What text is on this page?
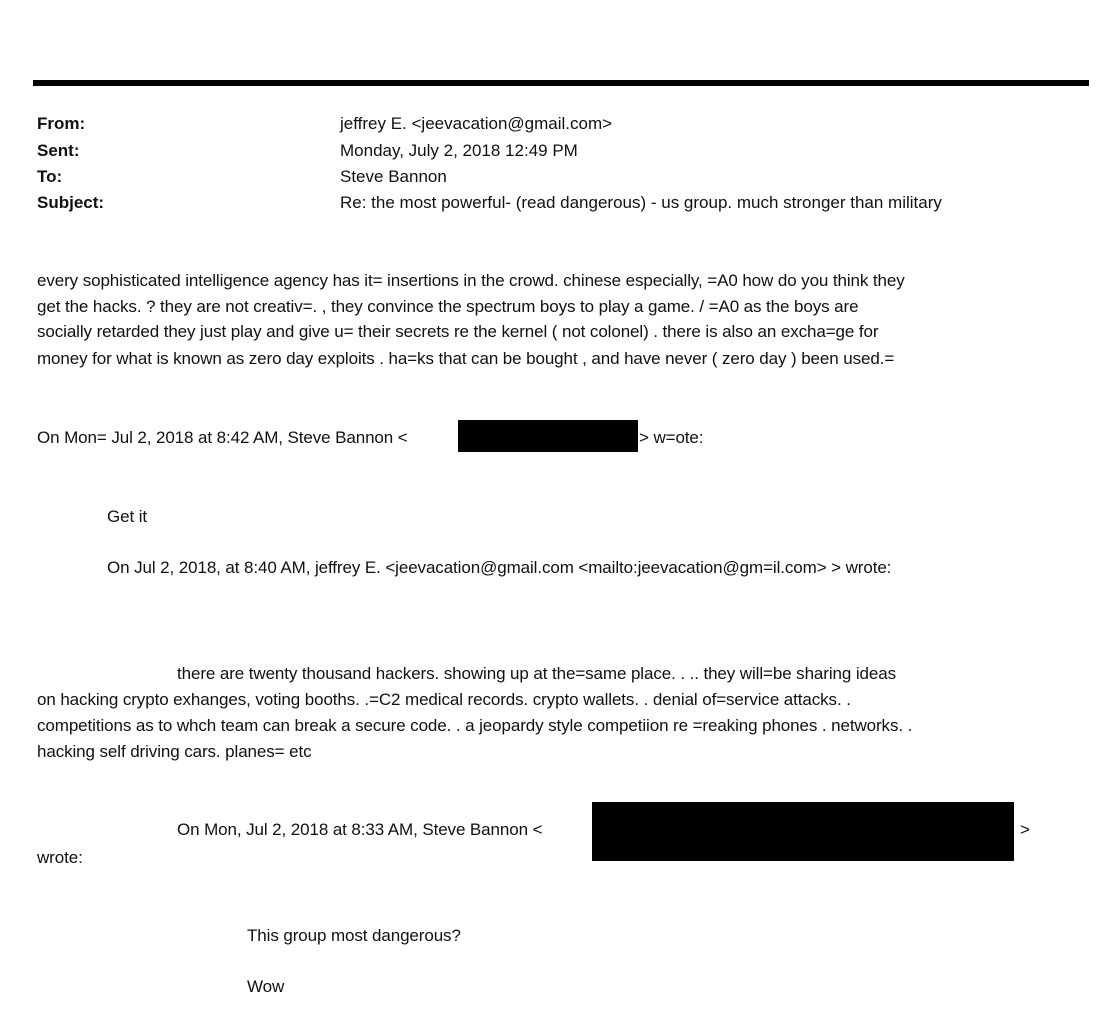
From:	jeffrey E. <jeevacation@gmail.com>
Sent:	Monday, July 2, 2018 12:49 PM
To:	Steve Bannon
Subject:	Re: the most powerful- (read dangerous) - us group. much stronger than military
every sophisticated intelligence agency has it= insertions in the crowd. chinese especially, =A0 how do you think they
get the hacks. ? they are not creativ=. , they convince the spectrum boys to play a game. / =A0 as the boys are
socially retarded they just play and give u= their secrets re the kernel ( not colonel) . there is also an excha=ge for
money for what is known as zero day exploits . ha=ks that can be bought , and have never ( zero day ) been used.=
On Mon= Jul 2, 2018 at 8:42 AM, Steve Bannon <	> w=ote:
Get it
On Jul 2, 2018, at 8:40 AM, jeffrey E. <jeevacation@gmail.com <mailto:jeevacation@gm=il.com> > wrote:
there are twenty thousand hackers. showing up at the=same place. . .. they will=be sharing ideas
on hacking crypto exhanges, voting booths. .=C2 medical records. crypto wallets. . denial of=service attacks. .
competitions as to whch team can break a secure code. . a jeopardy style competiion re =reaking phones . networks. .
hacking self driving cars. planes= etc
On Mon, Jul 2, 2018 at 8:33 AM, Steve Bannon <	>
wrote:
This group most dangerous?
Wow
